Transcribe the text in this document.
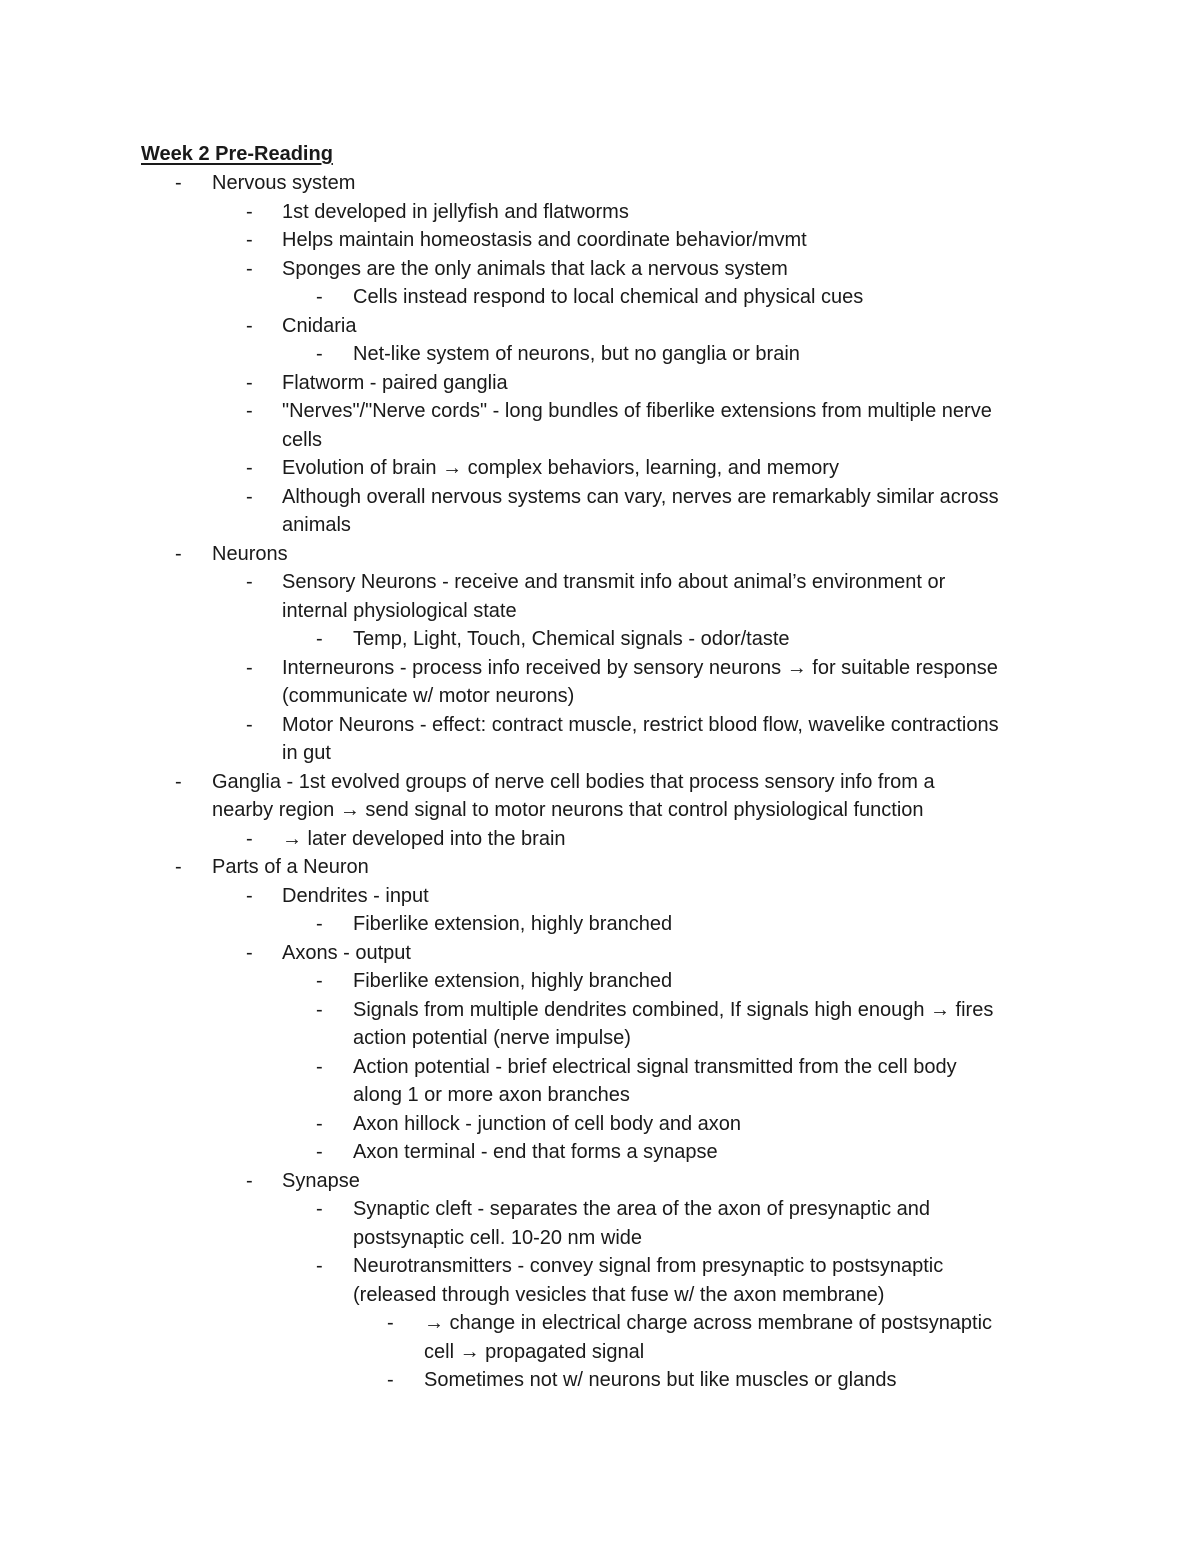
Week 2 Pre-Reading
- Nervous system
- 1st developed in jellyfish and flatworms
- Helps maintain homeostasis and coordinate behavior/mvmt
- Sponges are the only animals that lack a nervous system
- Cells instead respond to local chemical and physical cues
- Cnidaria
- Net-like system of neurons, but no ganglia or brain
- Flatworm - paired ganglia
- "Nerves"/"Nerve cords" - long bundles of fiberlike extensions from multiple nerve
cells
- Evolution of brain → complex behaviors, learning, and memory
- Although overall nervous systems can vary, nerves are remarkably similar across
animals
- Neurons
- Sensory Neurons - receive and transmit info about animal’s environment or
internal physiological state
- Temp, Light, Touch, Chemical signals - odor/taste
- Interneurons - process info received by sensory neurons → for suitable response
(communicate w/ motor neurons)
- Motor Neurons - effect: contract muscle, restrict blood flow, wavelike contractions
in gut
- Ganglia - 1st evolved groups of nerve cell bodies that process sensory info from a
nearby region → send signal to motor neurons that control physiological function
- → later developed into the brain
- Parts of a Neuron
- Dendrites - input
- Fiberlike extension, highly branched
- Axons - output
- Fiberlike extension, highly branched
- Signals from multiple dendrites combined, If signals high enough → fires
action potential (nerve impulse)
- Action potential - brief electrical signal transmitted from the cell body
along 1 or more axon branches
- Axon hillock - junction of cell body and axon
- Axon terminal - end that forms a synapse
- Synapse
- Synaptic cleft - separates the area of the axon of presynaptic and
postsynaptic cell. 10-20 nm wide
- Neurotransmitters - convey signal from presynaptic to postsynaptic
(released through vesicles that fuse w/ the axon membrane)
- → change in electrical charge across membrane of postsynaptic
cell → propagated signal
- Sometimes not w/ neurons but like muscles or glands
